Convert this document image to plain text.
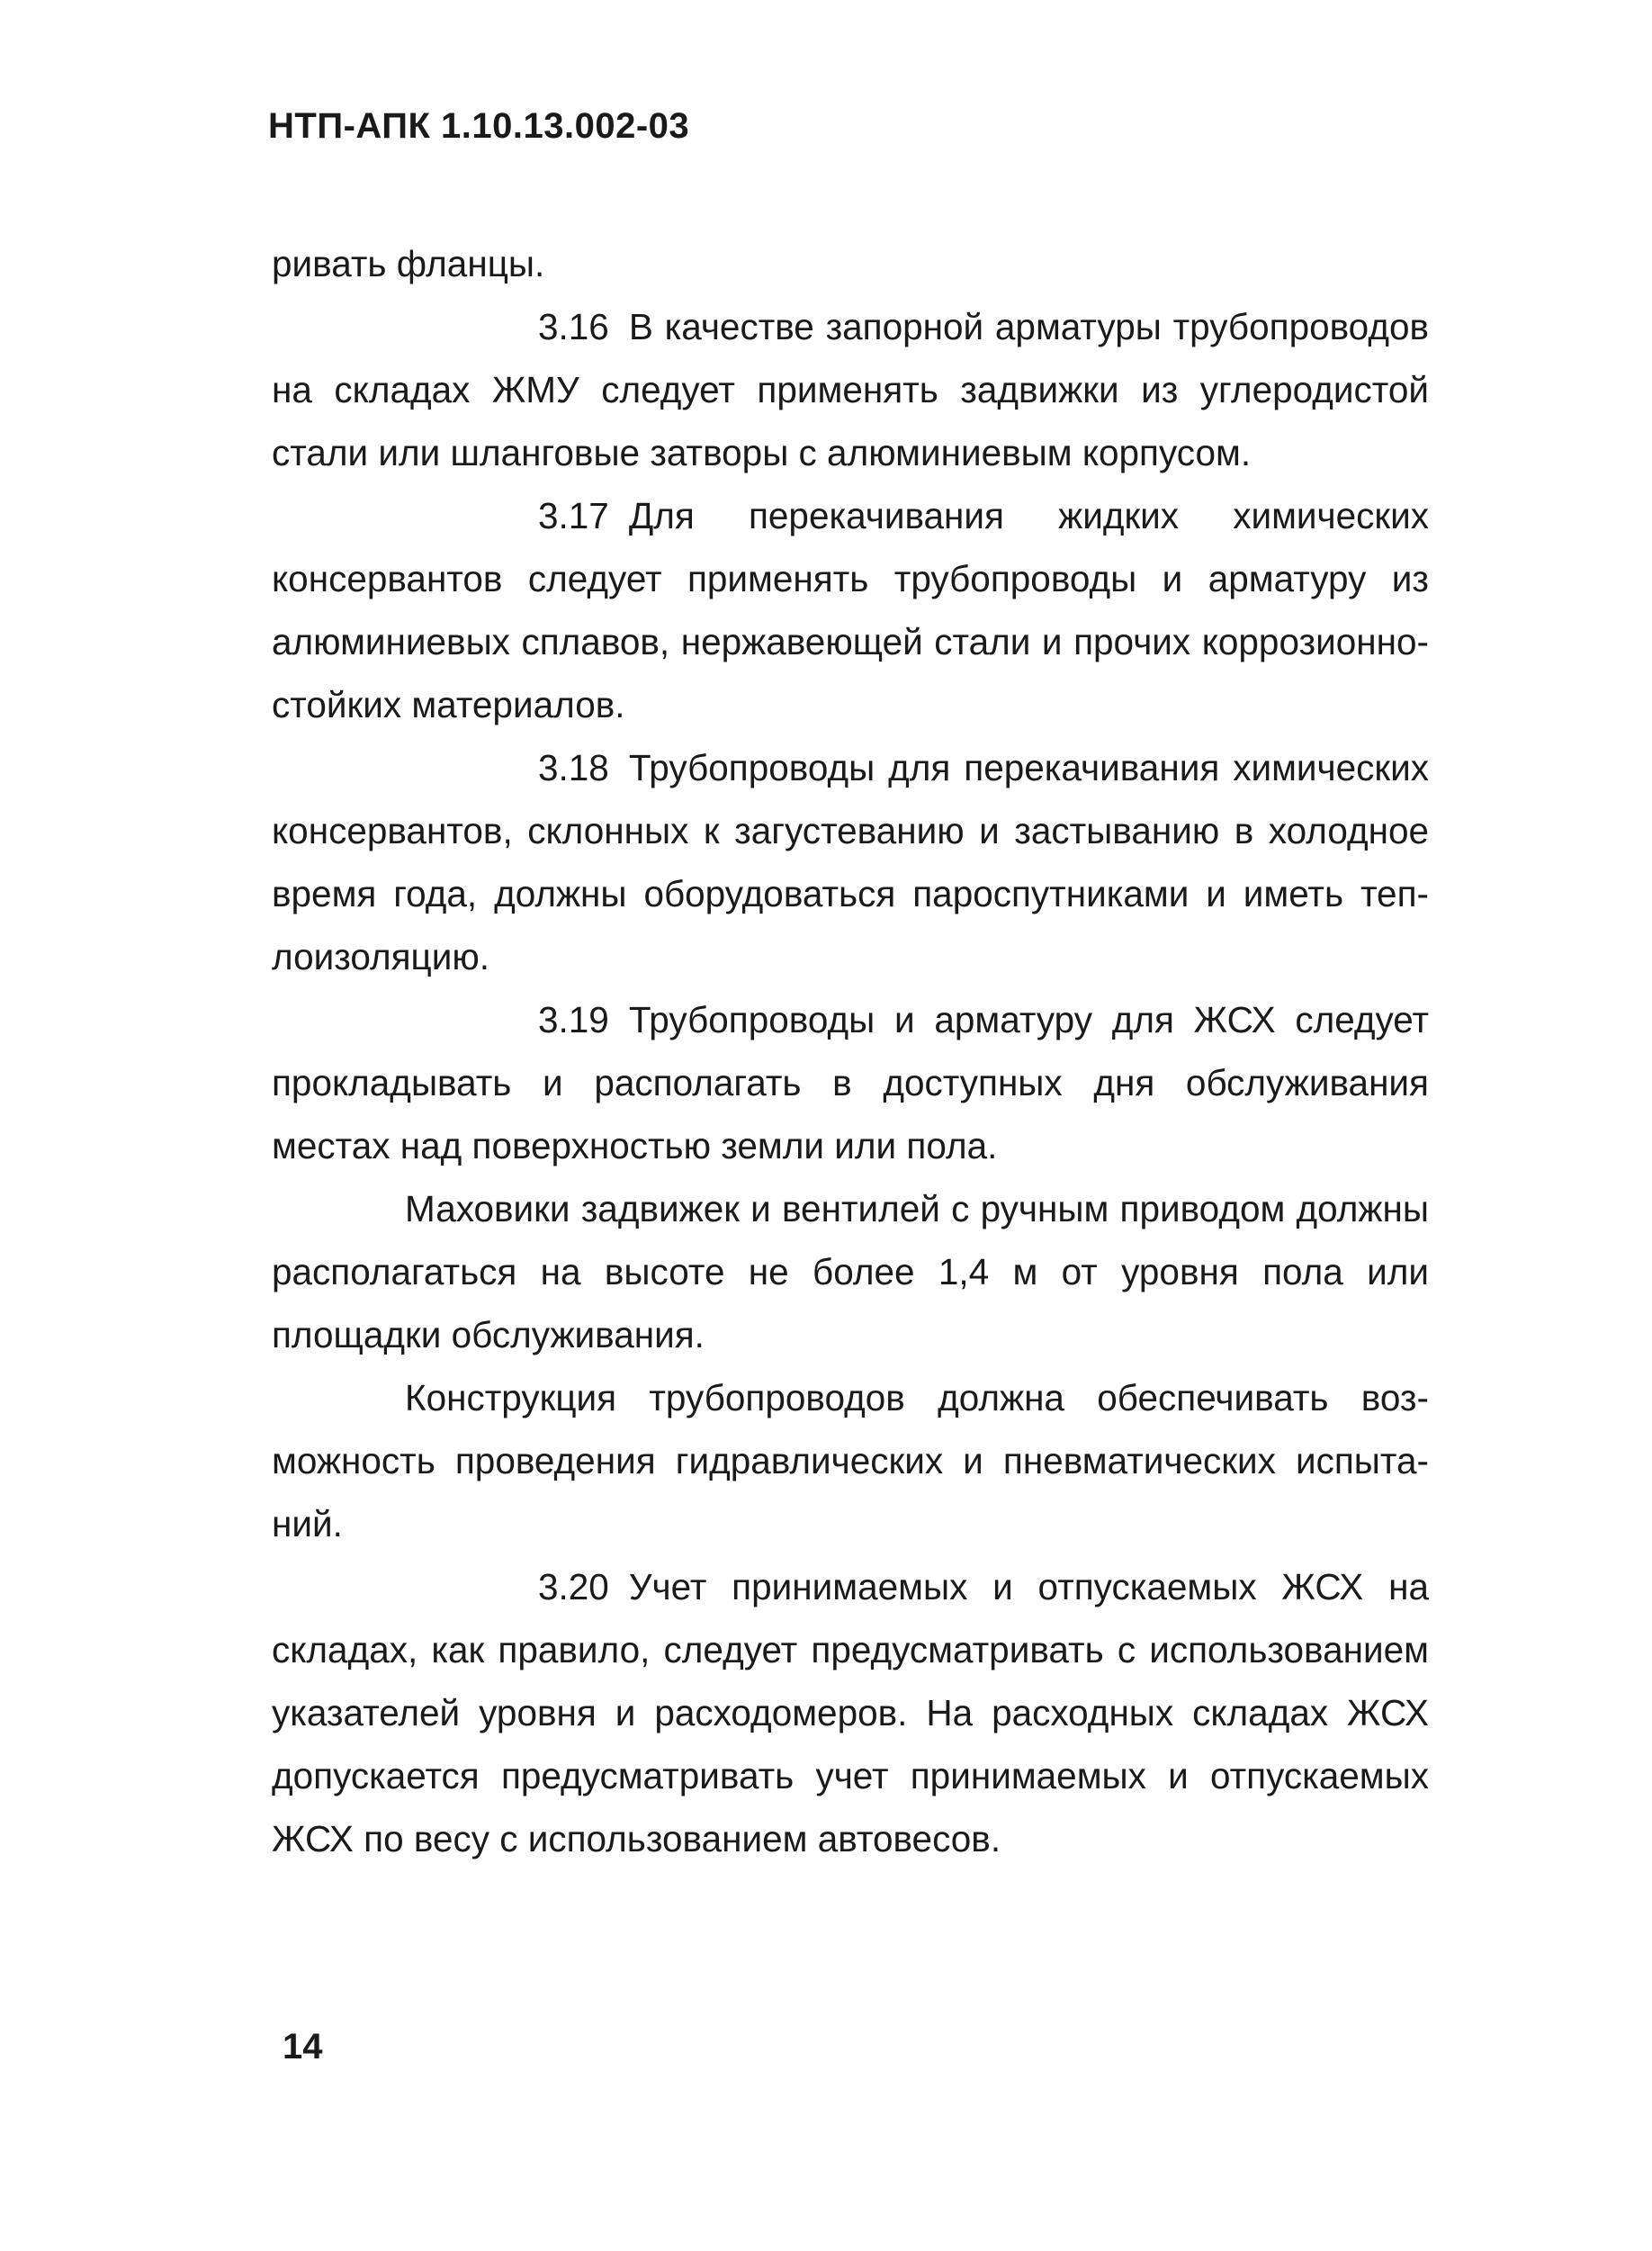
НТП-АПК 1.10.13.002-03

ривать фланцы.

3.16 В качестве запорной арматуры трубопроводов на складах ЖМУ следует применять задвижки из углеродистой стали или шланговые затворы с алюминиевым корпусом.

3.17 Для перекачивания жидких химических консервантов следует применять трубопроводы и арматуру из алюминиевых сплавов, нержавеющей стали и прочих коррозионно-стойких материалов.

3.18 Трубопроводы для перекачивания химических консервантов, склонных к загустеванию и застыванию в холодное время года, должны оборудоваться пароспутниками и иметь теплоизоляцию.

3.19 Трубопроводы и арматуру для ЖСХ следует прокладывать и располагать в доступных дня обслуживания местах над поверхностью земли или пола.

Маховики задвижек и вентилей с ручным приводом должны располагаться на высоте не более 1,4 м от уровня пола или площадки обслуживания.

Конструкция трубопроводов должна обеспечивать возможность проведения гидравлических и пневматических испытаний.

3.20 Учет принимаемых и отпускаемых ЖСХ на складах, как правило, следует предусматривать с использованием указателей уровня и расходомеров. На расходных складах ЖСХ допускается предусматривать учет принимаемых и отпускаемых ЖСХ по весу с использованием автовесов.

14
